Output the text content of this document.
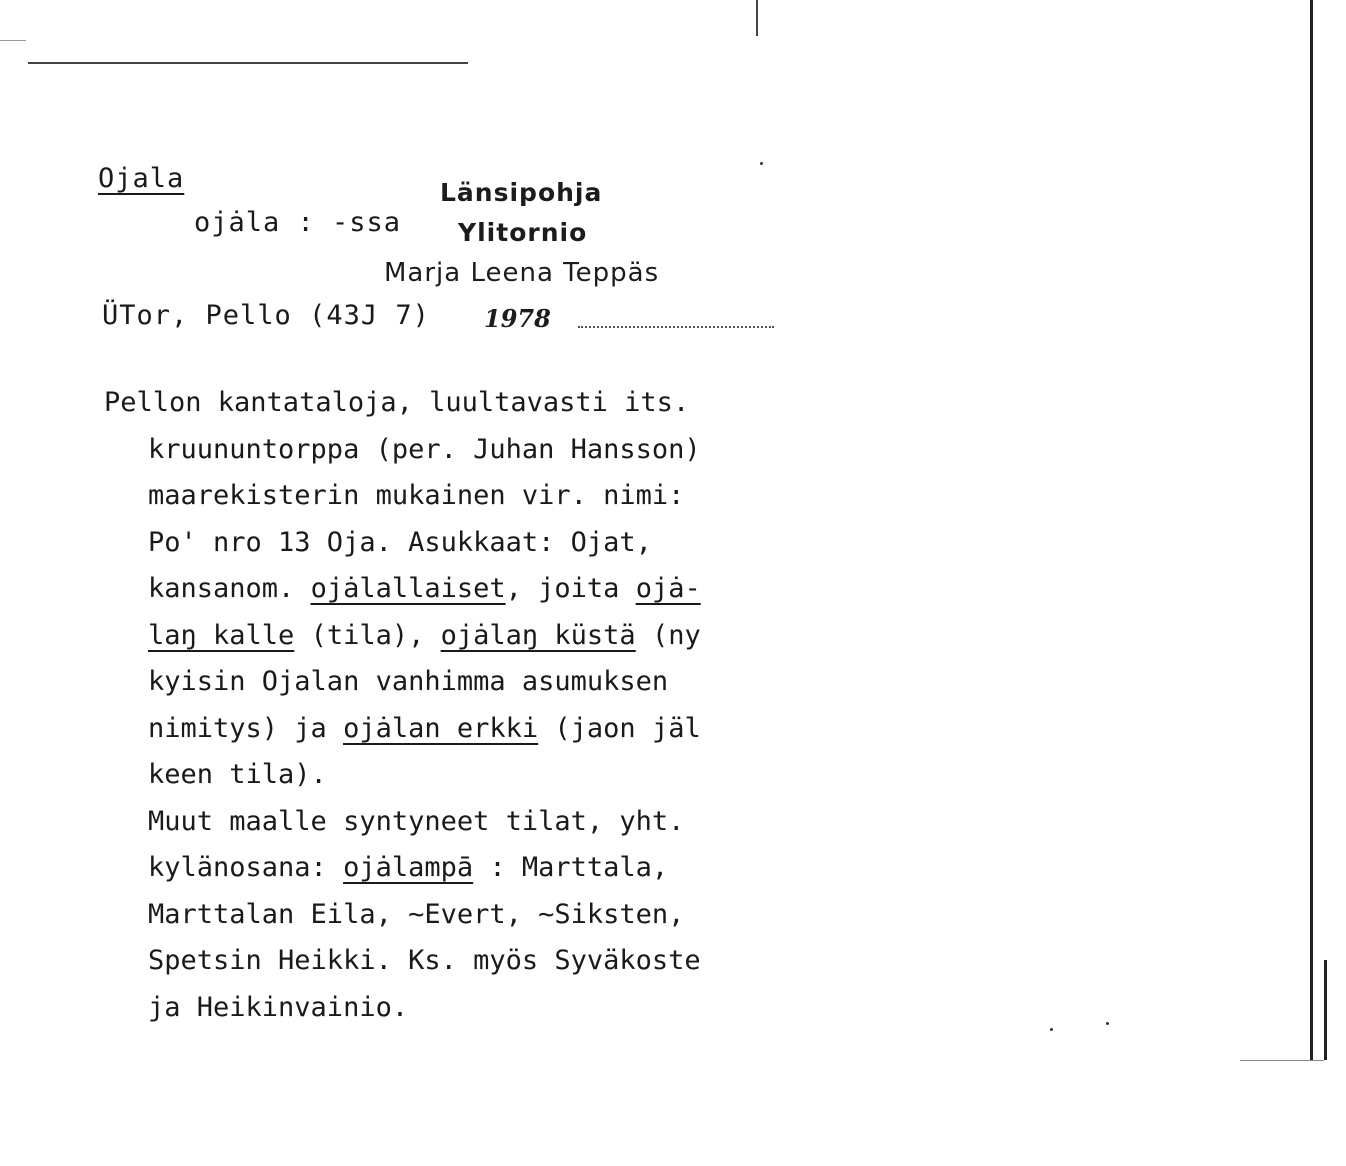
Ojala
ojȧla : -ssa
Länsipohja
Ylitornio
Marja Leena Teppäs
ÜTor, Pello (43J 7) 1978
Pellon kantataloja, luultavasti its.
kruununtorppa (per. Juhan Hansson)
maarekisterin mukainen vir. nimi:
Po' nro 13 Oja. Asukkaat: Ojat,
kansanom. ojȧlallaiset, joita ojȧ-
laŋ kalle (tila), ojȧlaŋ küstä (ny
kyisin Ojalan vanhimma asumuksen
nimitys) ja ojȧlan erkki (jaon jäl
keen tila).
Muut maalle syntyneet tilat, yht.
kylänosana: ojȧlampā : Marttala,
Marttalan Eila, ~Evert, ~Siksten,
Spetsin Heikki. Ks. myös Syväkoste
ja Heikinvainio.
